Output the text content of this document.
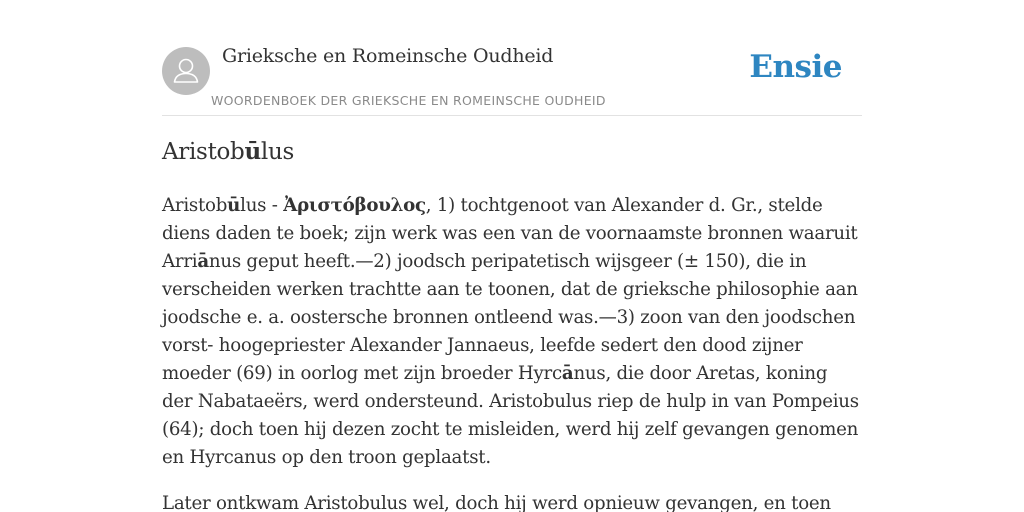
Grieksche en Romeinsche Oudheid
WOORDENBOEK DER GRIEKSCHE EN ROMEINSCHE OUDHEID
Ensie
Aristobūlus

Aristobūlus - Ἀριστόβουλος, 1) tochtgenoot van Alexander d. Gr., stelde diens daden te boek; zijn werk was een van de voornaamste bronnen waaruit Arriānus geput heeft.—2) joodsch peripatetisch wijsgeer (± 150), die in verscheiden werken trachtte aan te toonen, dat de grieksche philosophie aan joodsche e. a. oostersche bronnen ontleend was.—3) zoon van den joodschen vorst- hoogepriester Alexander Jannaeus, leefde sedert den dood zijner moeder (69) in oorlog met zijn broeder Hyrcānus, die door Aretas, koning der Nabataeërs, werd ondersteund. Aristobulus riep de hulp in van Pompeius (64); doch toen hij dezen zocht te misleiden, werd hij zelf gevangen genomen en Hyrcanus op den troon geplaatst.

Later ontkwam Aristobulus wel, doch hij werd opnieuw gevangen, en toen
